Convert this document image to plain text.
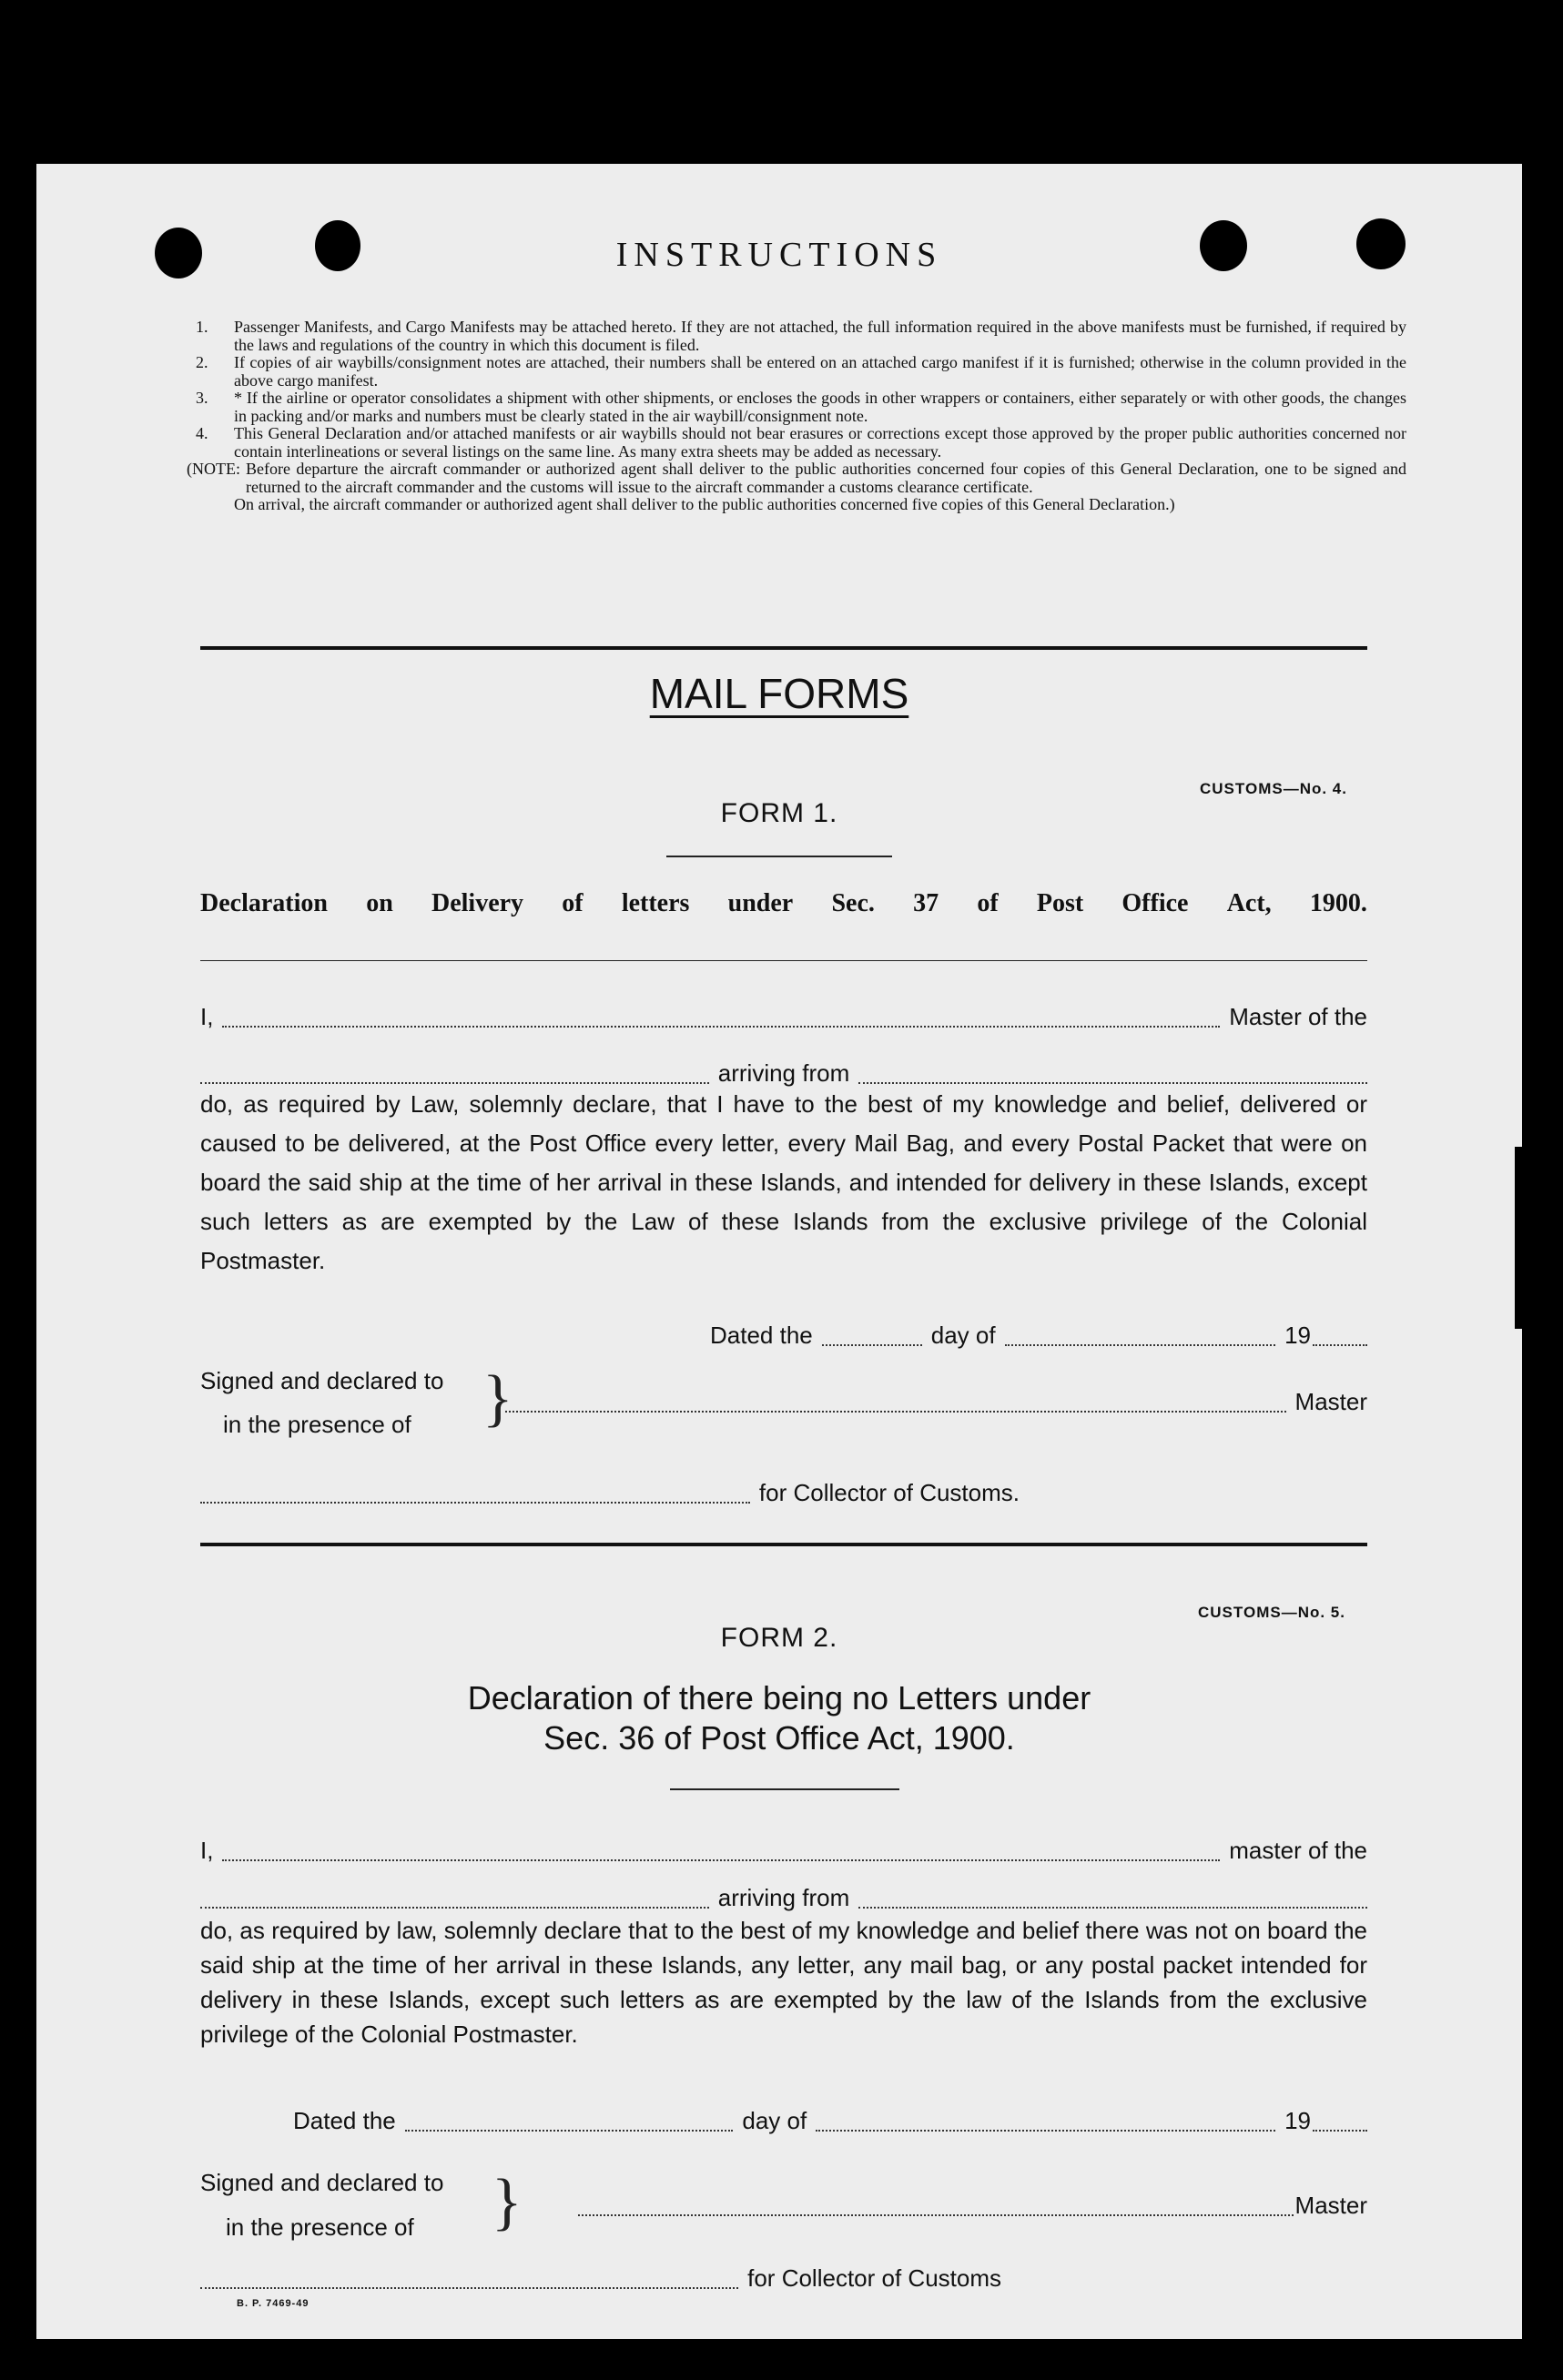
INSTRUCTIONS
1.	Passenger Manifests, and Cargo Manifests may be attached hereto. If they are not attached, the full information required in the above manifests must be furnished, if required by the laws and regulations of the country in which this document is filed.
2.	If copies of air waybills/consignment notes are attached, their numbers shall be entered on an attached cargo manifest if it is furnished; otherwise in the column provided in the above cargo manifest.
3.	* If the airline or operator consolidates a shipment with other shipments, or encloses the goods in other wrappers or containers, either separately or with other goods, the changes in packing and/or marks and numbers must be clearly stated in the air waybill/consignment note.
4.	This General Declaration and/or attached manifests or air waybills should not bear erasures or corrections except those approved by the proper public authorities concerned nor contain interlineations or several listings on the same line. As many extra sheets may be added as necessary.
(NOTE: Before departure the aircraft commander or authorized agent shall deliver to the public authorities concerned four copies of this General Declaration, one to be signed and returned to the aircraft commander and the customs will issue to the aircraft commander a customs clearance certificate.
On arrival, the aircraft commander or authorized agent shall deliver to the public authorities concerned five copies of this General Declaration.)
MAIL FORMS
FORM 1.
CUSTOMS—No. 4.
Declaration on Delivery of letters under Sec. 37 of Post Office Act, 1900.
I,	Master of the
arriving from
do, as required by Law, solemnly declare, that I have to the best of my knowledge and belief, delivered or caused to be delivered, at the Post Office every letter, every Mail Bag, and every Postal Packet that were on board the said ship at the time of her arrival in these Islands, and intended for delivery in these Islands, except such letters as are exempted by the Law of these Islands from the exclusive privilege of the Colonial Postmaster.
Dated the	day of	19
Signed and declared to
in the presence of }	Master
for Collector of Customs.
CUSTOMS—No. 5.
FORM 2.
Declaration of there being no Letters under
Sec. 36 of Post Office Act, 1900.
I,	master of the
arriving from
do, as required by law, solemnly declare that to the best of my knowledge and belief there was not on board the said ship at the time of her arrival in these Islands, any letter, any mail bag, or any postal packet intended for delivery in these Islands, except such letters as are exempted by the law of the Islands from the exclusive privilege of the Colonial Postmaster.
Dated the	day of	19
Signed and declared to
in the presence of }	Master
for Collector of Customs
B. P. 7469-49
